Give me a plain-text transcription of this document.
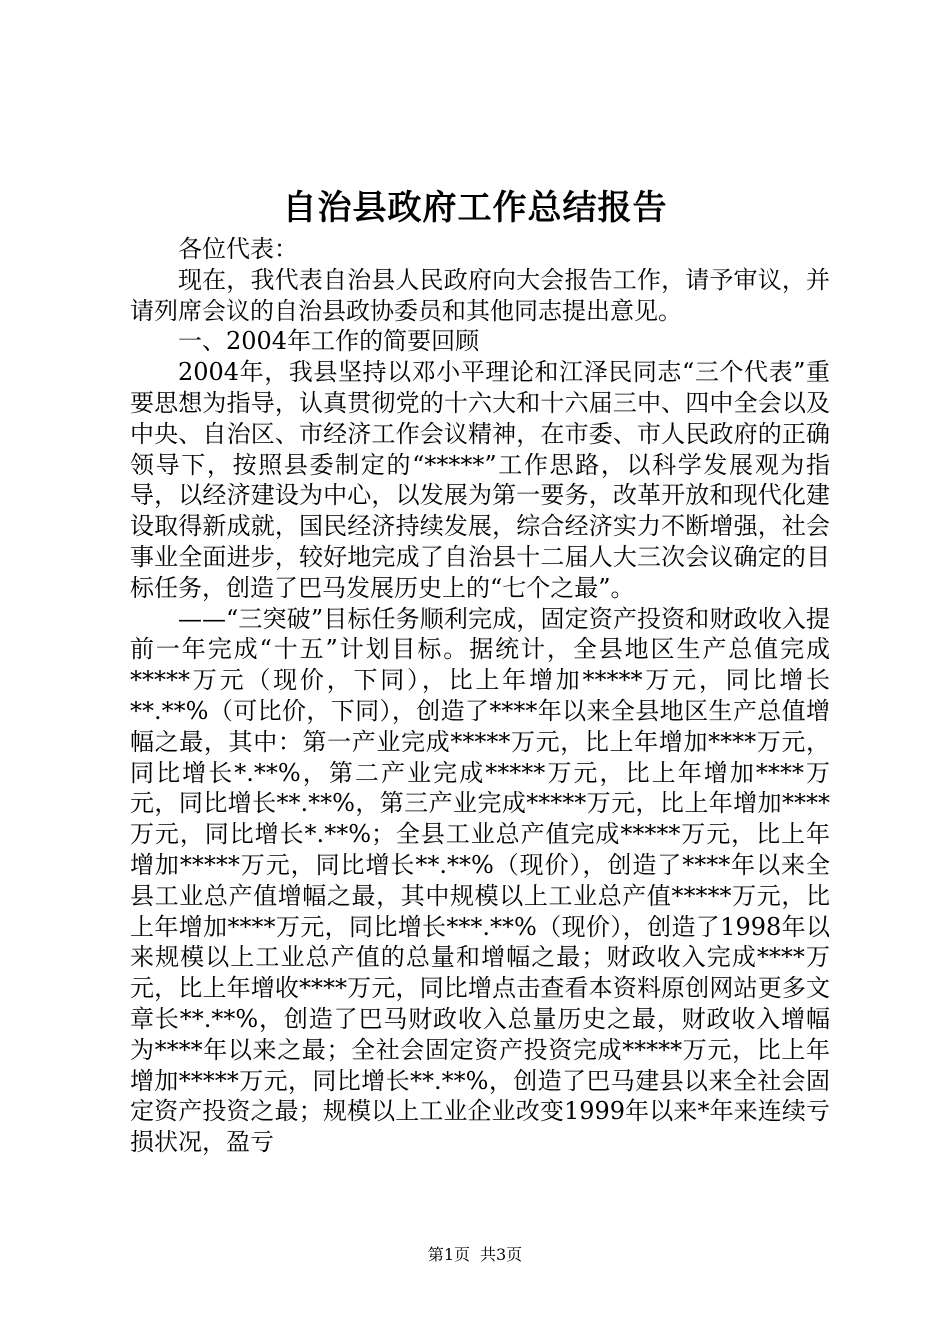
自治县政府工作总结报告

各位代表：

现在，我代表自治县人民政府向大会报告工作，请予审议，并请列席会议的自治县政协委员和其他同志提出意见。

一、2004年工作的简要回顾

2004年，我县坚持以邓小平理论和江泽民同志“三个代表”重要思想为指导，认真贯彻党的十六大和十六届三中、四中全会以及中央、自治区、市经济工作会议精神，在市委、市人民政府的正确领导下，按照县委制定的“*****”工作思路，以科学发展观为指导，以经济建设为中心，以发展为第一要务，改革开放和现代化建设取得新成就，国民经济持续发展，综合经济实力不断增强，社会事业全面进步，较好地完成了自治县十二届人大三次会议确定的目标任务，创造了巴马发展历史上的“七个之最”。

——“三突破”目标任务顺利完成，固定资产投资和财政收入提前一年完成“十五”计划目标。据统计，全县地区生产总值完成*****万元（现价，下同），比上年增加*****万元，同比增长**.**%（可比价，下同），创造了****年以来全县地区生产总值增幅之最，其中：第一产业完成*****万元，比上年增加****万元，同比增长*.**%，第二产业完成*****万元，比上年增加****万元，同比增长**.**%，第三产业完成*****万元，比上年增加****万元，同比增长*.**%；全县工业总产值完成*****万元，比上年增加*****万元，同比增长**.**%（现价），创造了****年以来全县工业总产值增幅之最，其中规模以上工业总产值*****万元，比上年增加****万元，同比增长***.**%（现价），创造了1998年以来规模以上工业总产值的总量和增幅之最；财政收入完成****万元，比上年增收****万元，同比增点击查看本资料原创网站更多文章长**.**%，创造了巴马财政收入总量历史之最，财政收入增幅为****年以来之最；全社会固定资产投资完成*****万元，比上年增加*****万元，同比增长**.**%，创造了巴马建县以来全社会固定资产投资之最；规模以上工业企业改变1999年以来*年来连续亏损状况，盈亏

第1页 共3页
